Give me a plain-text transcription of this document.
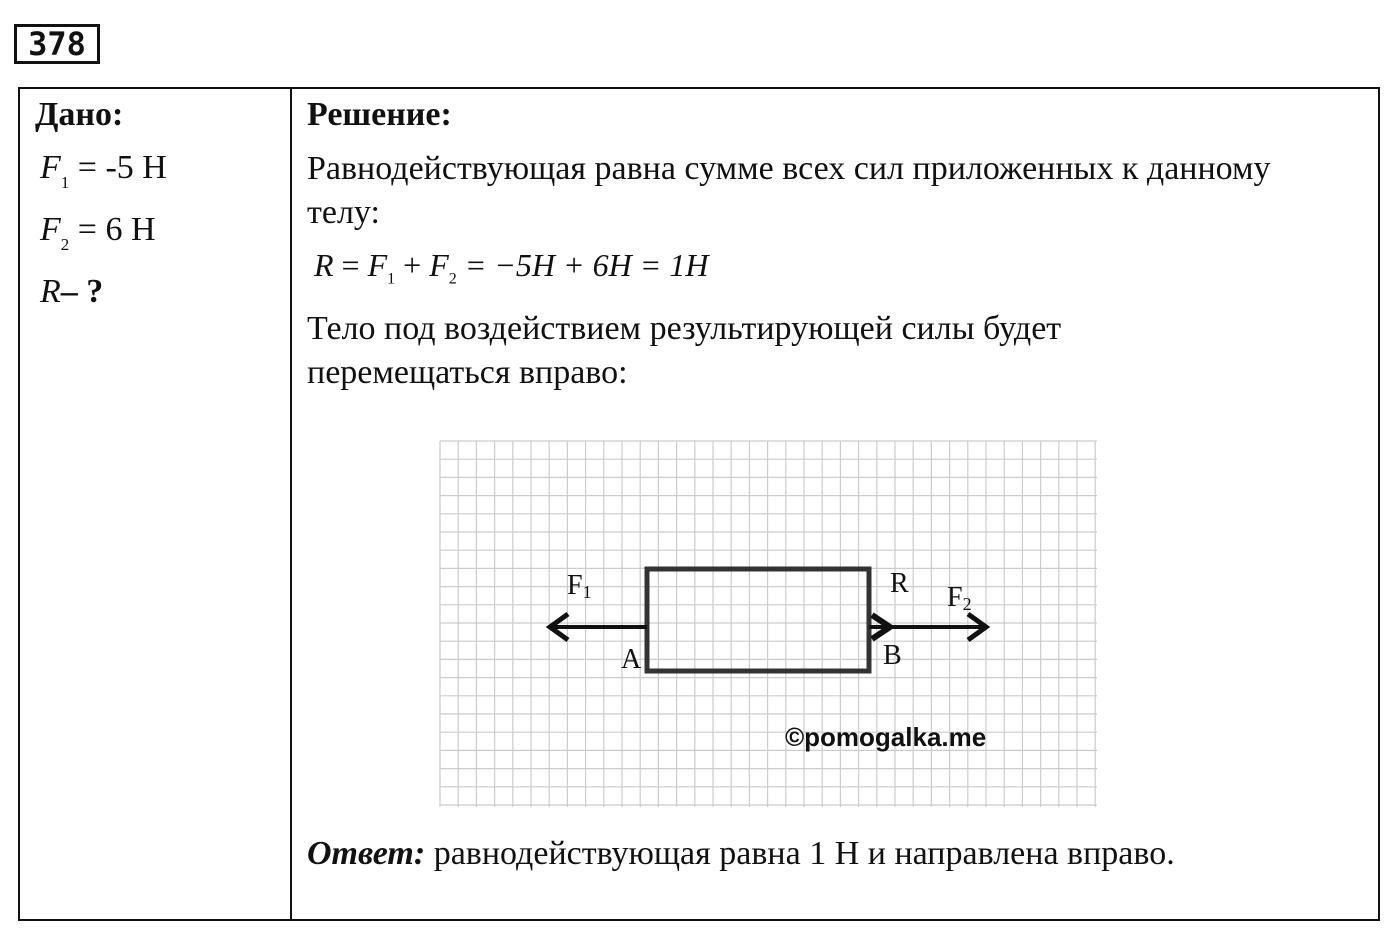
378
Дано:
$F_1 = -5$ Н
$F_2 = 6$ Н
R– ?
Решение:
Равнодействующая равна сумме всех сил приложенных к данному телу:
$R = F_1 + F_2 = -5H + 6H = 1H$
Тело под воздействием результирующей силы будет перемещаться вправо:
F1	F2
R
A	B
Ответ: равнодействующая равна 1 Н и направлена вправо.
©pomogalka.me
